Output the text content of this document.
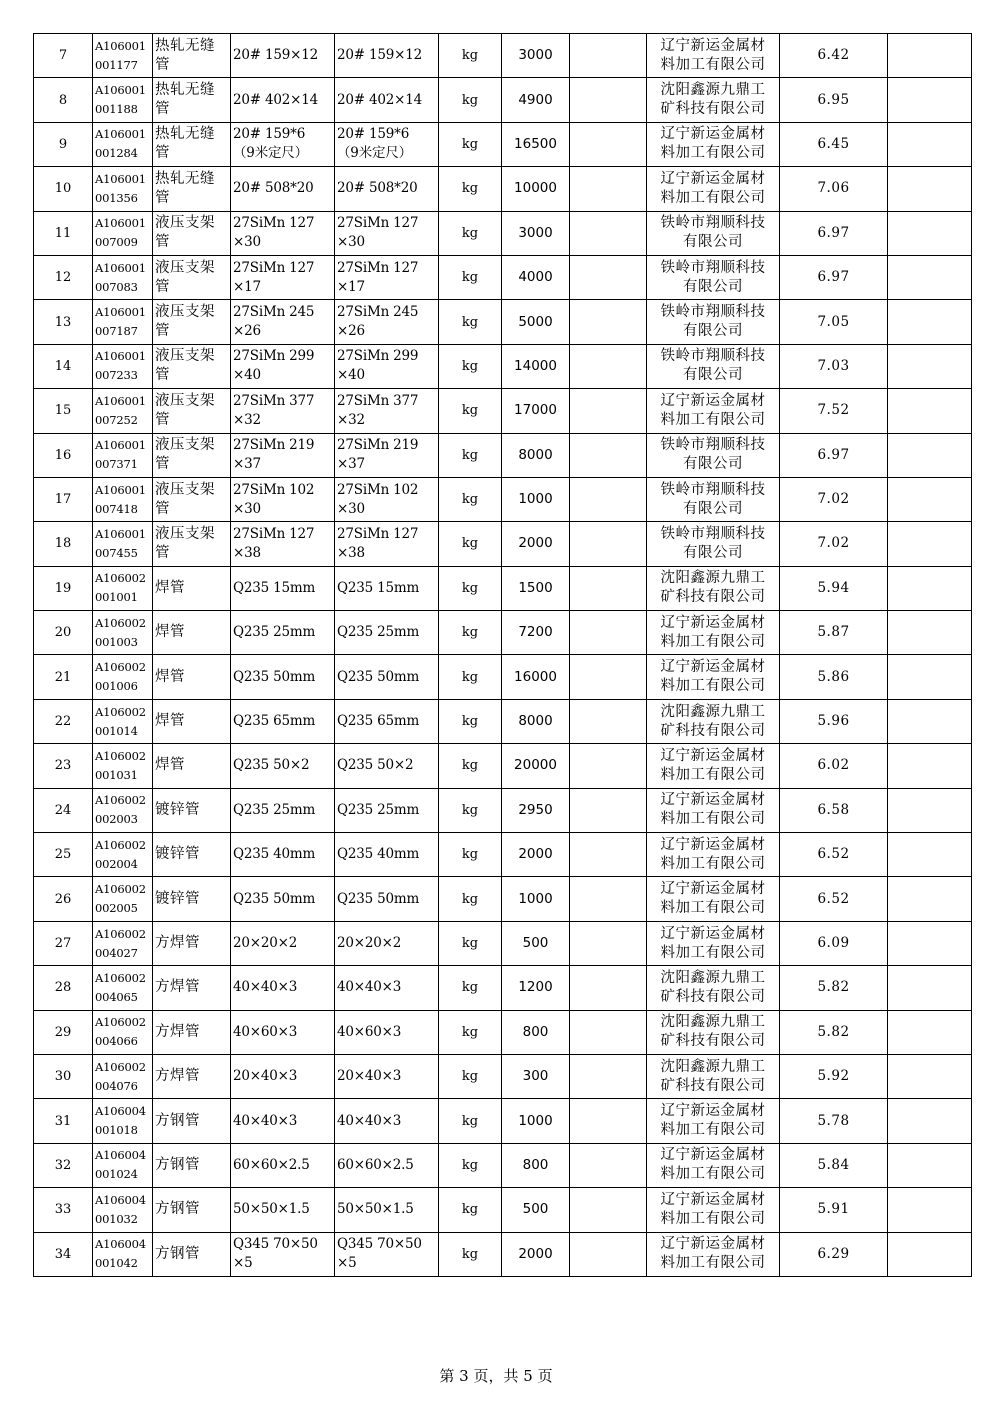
7	A106001
001177	热轧无缝
管	20# 159×12	20# 159×12	kg	3000		辽宁新运金属材
料加工有限公司	6.42	
8	A106001
001188	热轧无缝
管	20# 402×14	20# 402×14	kg	4900		沈阳鑫源九鼎工
矿科技有限公司	6.95	
9	A106001
001284	热轧无缝
管	20# 159*6
（9米定尺）	20# 159*6
（9米定尺）	kg	16500		辽宁新运金属材
料加工有限公司	6.45	
10	A106001
001356	热轧无缝
管	20# 508*20	20# 508*20	kg	10000		辽宁新运金属材
料加工有限公司	7.06	
11	A106001
007009	液压支架
管	27SiMn 127
×30	27SiMn 127
×30	kg	3000		铁岭市翔顺科技
有限公司	6.97	
12	A106001
007083	液压支架
管	27SiMn 127
×17	27SiMn 127
×17	kg	4000		铁岭市翔顺科技
有限公司	6.97	
13	A106001
007187	液压支架
管	27SiMn 245
×26	27SiMn 245
×26	kg	5000		铁岭市翔顺科技
有限公司	7.05	
14	A106001
007233	液压支架
管	27SiMn 299
×40	27SiMn 299
×40	kg	14000		铁岭市翔顺科技
有限公司	7.03	
15	A106001
007252	液压支架
管	27SiMn 377
×32	27SiMn 377
×32	kg	17000		辽宁新运金属材
料加工有限公司	7.52	
16	A106001
007371	液压支架
管	27SiMn 219
×37	27SiMn 219
×37	kg	8000		铁岭市翔顺科技
有限公司	6.97	
17	A106001
007418	液压支架
管	27SiMn 102
×30	27SiMn 102
×30	kg	1000		铁岭市翔顺科技
有限公司	7.02	
18	A106001
007455	液压支架
管	27SiMn 127
×38	27SiMn 127
×38	kg	2000		铁岭市翔顺科技
有限公司	7.02	
19	A106002
001001	焊管	Q235 15mm	Q235 15mm	kg	1500		沈阳鑫源九鼎工
矿科技有限公司	5.94	
20	A106002
001003	焊管	Q235 25mm	Q235 25mm	kg	7200		辽宁新运金属材
料加工有限公司	5.87	
21	A106002
001006	焊管	Q235 50mm	Q235 50mm	kg	16000		辽宁新运金属材
料加工有限公司	5.86	
22	A106002
001014	焊管	Q235 65mm	Q235 65mm	kg	8000		沈阳鑫源九鼎工
矿科技有限公司	5.96	
23	A106002
001031	焊管	Q235 50×2	Q235 50×2	kg	20000		辽宁新运金属材
料加工有限公司	6.02	
24	A106002
002003	镀锌管	Q235 25mm	Q235 25mm	kg	2950		辽宁新运金属材
料加工有限公司	6.58	
25	A106002
002004	镀锌管	Q235 40mm	Q235 40mm	kg	2000		辽宁新运金属材
料加工有限公司	6.52	
26	A106002
002005	镀锌管	Q235 50mm	Q235 50mm	kg	1000		辽宁新运金属材
料加工有限公司	6.52	
27	A106002
004027	方焊管	20×20×2	20×20×2	kg	500		辽宁新运金属材
料加工有限公司	6.09	
28	A106002
004065	方焊管	40×40×3	40×40×3	kg	1200		沈阳鑫源九鼎工
矿科技有限公司	5.82	
29	A106002
004066	方焊管	40×60×3	40×60×3	kg	800		沈阳鑫源九鼎工
矿科技有限公司	5.82	
30	A106002
004076	方焊管	20×40×3	20×40×3	kg	300		沈阳鑫源九鼎工
矿科技有限公司	5.92	
31	A106004
001018	方钢管	40×40×3	40×40×3	kg	1000		辽宁新运金属材
料加工有限公司	5.78	
32	A106004
001024	方钢管	60×60×2.5	60×60×2.5	kg	800		辽宁新运金属材
料加工有限公司	5.84	
33	A106004
001032	方钢管	50×50×1.5	50×50×1.5	kg	500		辽宁新运金属材
料加工有限公司	5.91	
34	A106004
001042	方钢管	Q345 70×50
×5	Q345 70×50
×5	kg	2000		辽宁新运金属材
料加工有限公司	6.29	
第 3 页，共 5 页
